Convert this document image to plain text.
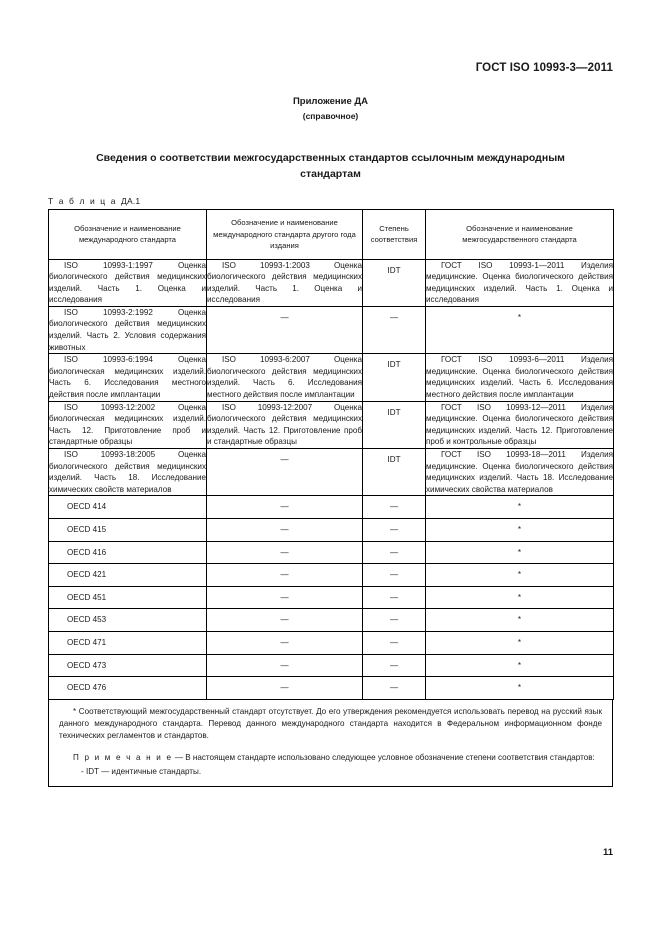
ГОСТ ISO 10993-3—2011
Приложение ДА
(справочное)
Сведения о соответствии межгосударственных стандартов ссылочным международным стандартам
Т а б л и ц а ДА.1
Обозначение и наименование международного стандарта	Обозначение и наименование международного стандарта другого года издания	Степень соответствия	Обозначение и наименование межгосударственного стандарта
ISO 10993-1:1997 Оценка биологического действия медицинских изделий. Часть 1. Оценка и исследования	ISO 10993-1:2003 Оценка биологического действия медицинских изделий. Часть 1. Оценка и исследования	IDT	ГОСТ ISO 10993-1—2011 Изделия медицинские. Оценка биологического действия медицинских изделий. Часть 1. Оценка и исследования
ISO 10993-2:1992 Оценка биологического действия медицинских изделий. Часть 2. Условия содержания животных	—	—	*
ISO 10993-6:1994 Оценка биологическая медицинских изделий. Часть 6. Исследования местного действия после имплантации	ISO 10993-6:2007 Оценка биологического действия медицинских изделий. Часть 6. Исследования местного действия после имплантации	IDT	ГОСТ ISO 10993-6—2011 Изделия медицинские. Оценка биологического действия медицинских изделий. Часть 6. Исследования местного действия после имплантации
ISO 10993-12:2002 Оценка биологическая медицинских изделий. Часть 12. Приготовление проб и стандартные образцы	ISO 10993-12:2007 Оценка биологического действия медицинских изделий. Часть 12. Приготовление проб и стандартные образцы	IDT	ГОСТ ISO 10993-12—2011 Изделия медицинские. Оценка биологического действия медицинских изделий. Часть 12. Приготовление проб и контрольные образцы
ISO 10993-18:2005 Оценка биологического действия медицинских изделий. Часть 18. Исследование химических свойств материалов	—	IDT	ГОСТ ISO 10993-18—2011 Изделия медицинские. Оценка биологического действия медицинских изделий. Часть 18. Исследование химических свойства материалов
OECD 414	—	—	*
OECD 415	—	—	*
OECD 416	—	—	*
OECD 421	—	—	*
OECD 451	—	—	*
OECD 453	—	—	*
OECD 471	—	—	*
OECD 473	—	—	*
OECD 476	—	—	*

* Соответствующий межгосударственный стандарт отсутствует. До его утверждения рекомендуется использовать перевод на русский язык данного международного стандарта. Перевод данного международного стандарта находится в Федеральном информационном фонде технических регламентов и стандартов.

П р и м е ч а н и е — В настоящем стандарте использовано следующее условное обозначение степени соответствия стандартов:

- IDT — идентичные стандарты.

11
